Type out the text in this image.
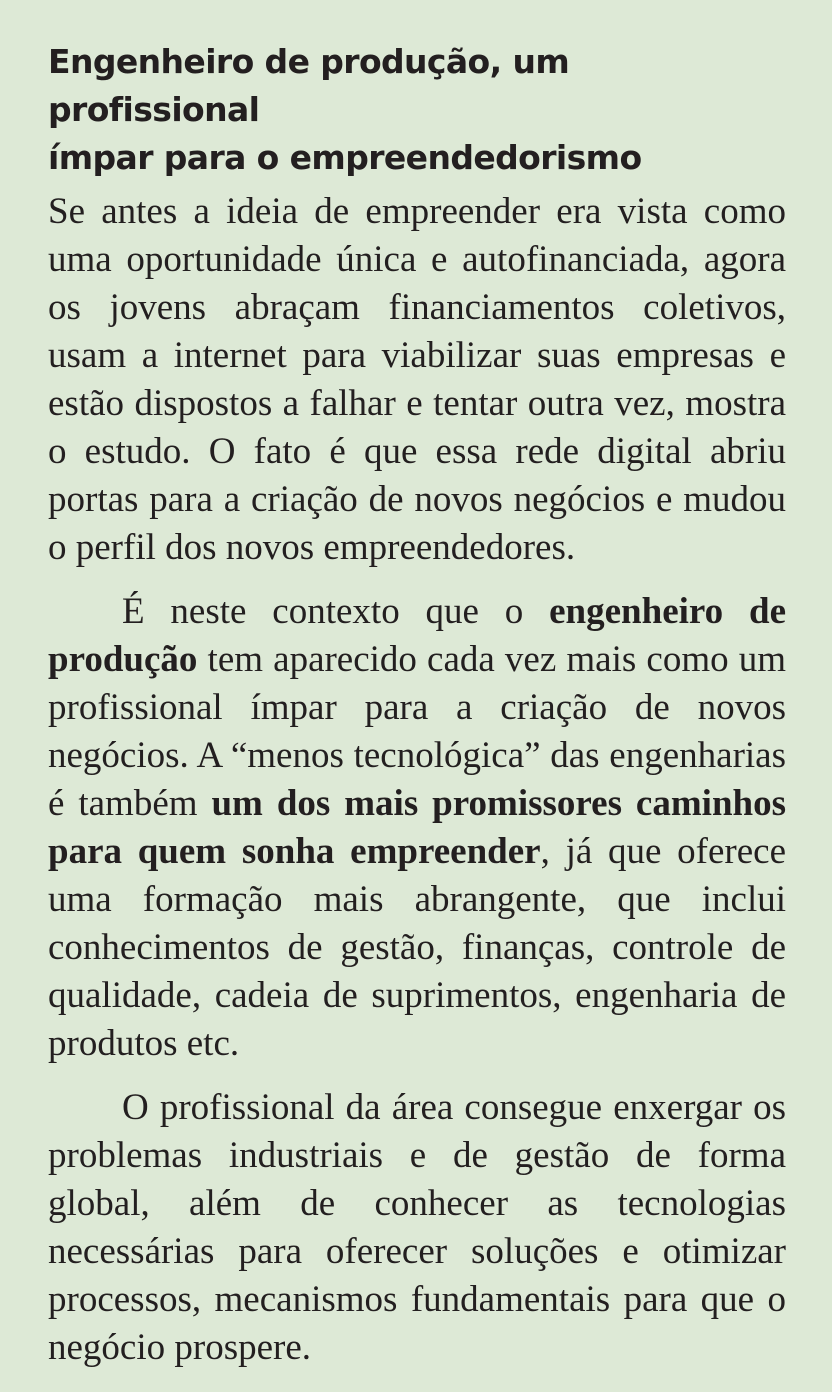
Engenheiro de produção, um profissional
ímpar para o empreendedorismo

Se antes a ideia de empreender era vista como uma oportunidade única e autofinanciada, agora os jovens abraçam financiamentos coletivos, usam a internet para viabilizar suas empresas e estão dispostos a falhar e tentar outra vez, mostra o estudo. O fato é que essa rede digital abriu portas para a criação de novos negócios e mudou o perfil dos novos empreendedores.

É neste contexto que o engenheiro de produção tem aparecido cada vez mais como um profissional ímpar para a criação de novos negócios. A “menos tecnológica” das engenharias é também um dos mais promissores caminhos para quem sonha empreender, já que oferece uma formação mais abrangente, que inclui conhecimentos de gestão, finanças, controle de qualidade, cadeia de suprimentos, engenharia de produtos etc.

O profissional da área consegue enxergar os problemas industriais e de gestão de forma global, além de conhecer as tecnologias necessárias para oferecer soluções e otimizar processos, mecanismos fundamentais para que o negócio prospere.
